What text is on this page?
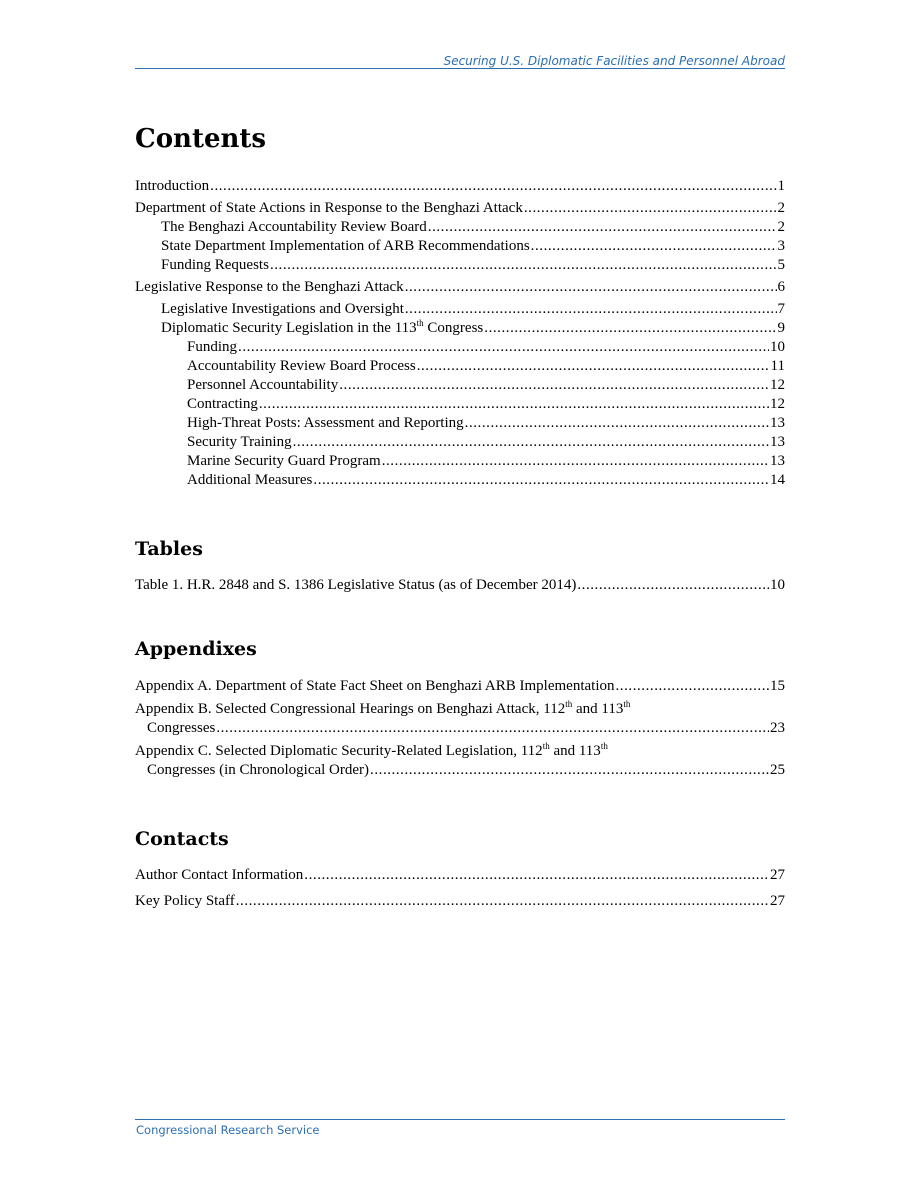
Securing U.S. Diplomatic Facilities and Personnel Abroad
Contents
Introduction . . .	1
Department of State Actions in Response to the Benghazi Attack . . .	2
The Benghazi Accountability Review Board . . .	2
State Department Implementation of ARB Recommendations . . .	3
Funding Requests . . .	5
Legislative Response to the Benghazi Attack . . .	6
Legislative Investigations and Oversight . . .	7
Diplomatic Security Legislation in the 113th Congress . . .	9
Funding . . .	10
Accountability Review Board Process . . .	11
Personnel Accountability . . .	12
Contracting . . .	12
High-Threat Posts: Assessment and Reporting . . .	13
Security Training . . .	13
Marine Security Guard Program . . .	13
Additional Measures . . .	14
Tables
Table 1. H.R. 2848 and S. 1386 Legislative Status (as of December 2014) . . .	10
Appendixes
Appendix A. Department of State Fact Sheet on Benghazi ARB Implementation . . .	15
Appendix B. Selected Congressional Hearings on Benghazi Attack, 112th and 113th
Congresses . . .	23
Appendix C. Selected Diplomatic Security-Related Legislation, 112th and 113th
Congresses (in Chronological Order) . . .	25
Contacts
Author Contact Information . . .	27
Key Policy Staff . . .	27
Congressional Research Service
